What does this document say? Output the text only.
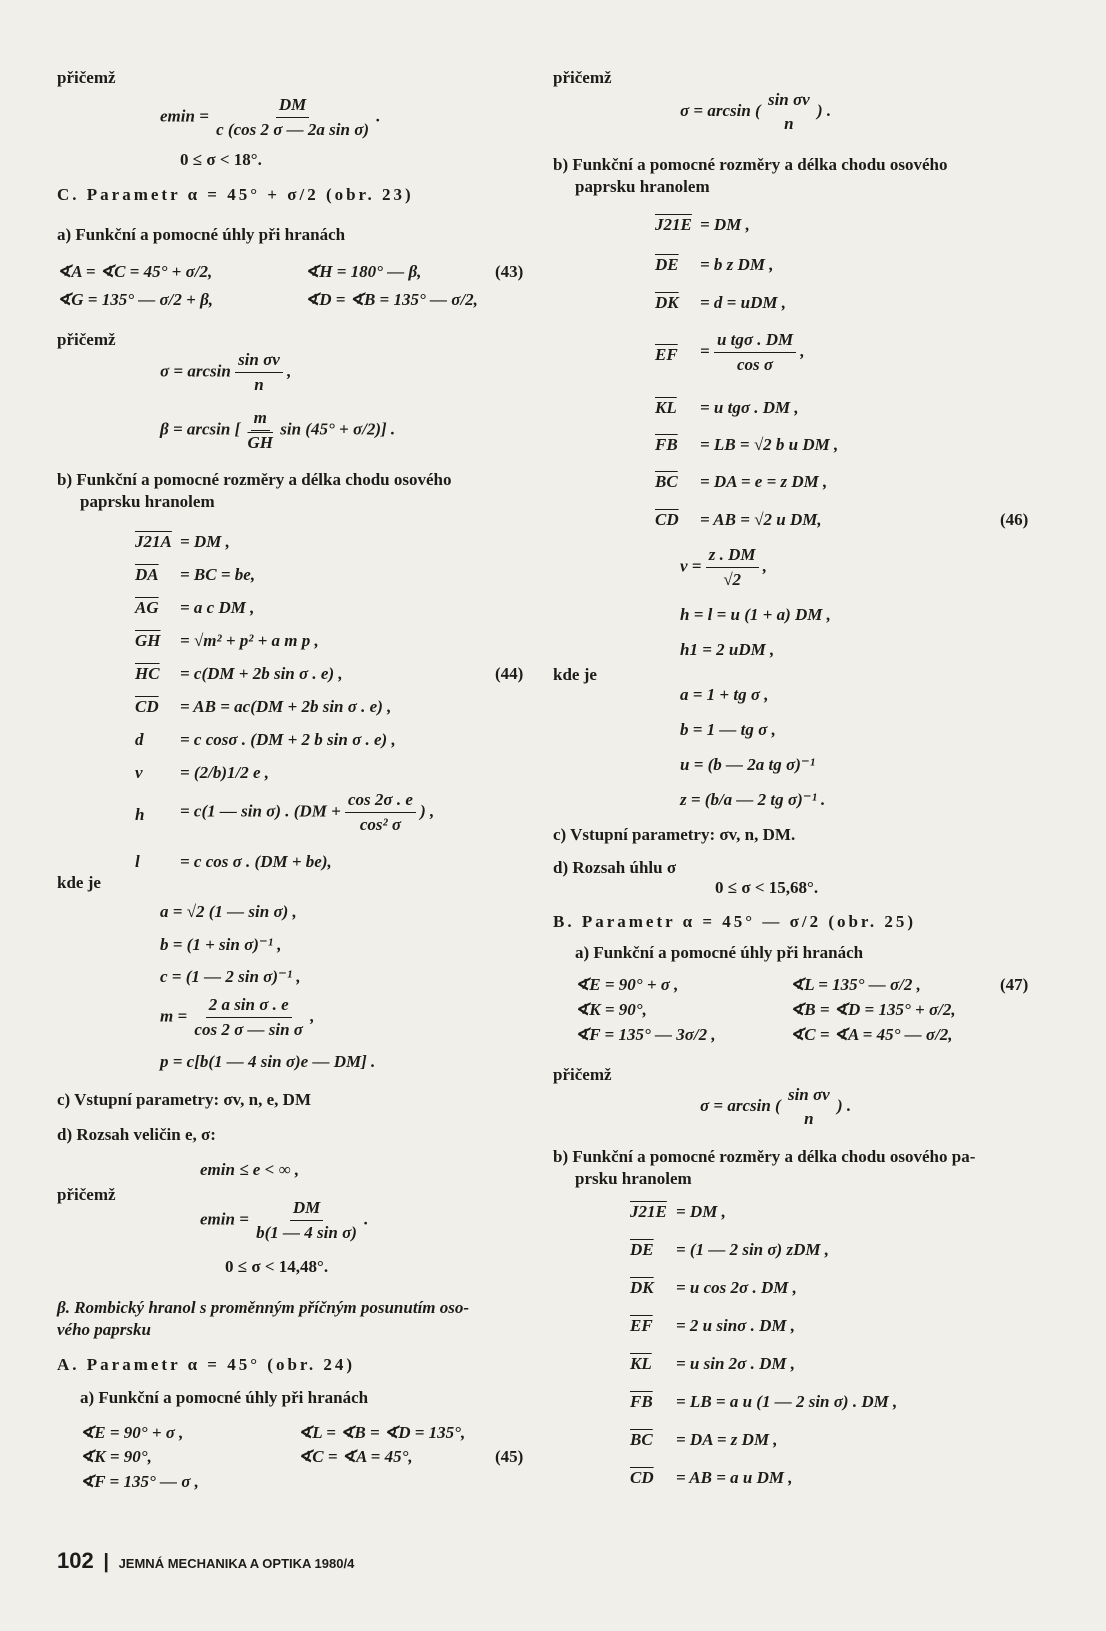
přičemž
$emin = \frac{DM}{\text{c (cos 2 σ — 2a sin σ)}}$ .
0 ≤ σ < 18°.
C. Parametr α = 45° + σ/2 (obr. 23)
a) Funkční a pomocné úhly při hranách
∢A = ∢C = 45° + σ/2,	∢H = 180° — β,	(43)
∢G = 135° — σ/2 + β,	∢D = ∢B = 135° — σ/2,
přičemž
$\sigma = \arcsin \frac{\text{sin σv}}{n}$ ,
β = arcsin [ $\frac{m}{GH}$ sin (45° + σ/2)] .
b) Funkční a pomocné rozměry a délka chodu osového
paprsku hranolem
J21A = DM ,
$\overline{DA}$ = BC = be,
$\overline{AG} = a$ c DM ,
$\overline{GH} = √m^2 + p^2 + a$ m p ,
$\overline{HC} = c(DM + 2b$ sin σ . e) ,	(44)
$\overline{CD}$ = AB = ac(DM + 2b sin σ . e) ,
d = c cosσ . (DM + 2 b sin σ . e) ,
v = (2/b)1/2 e ,
h = c(1 — sin σ) . ($DM + \frac{\cos 2\sigma . e}{\text{cos² σ}}$ ) ,
l = c cos σ . (DM + be),
kde je
a = √2 (1 — sin σ) ,
b = (1 + sin σ)⁻¹ ,
c = (1 — 2 sin σ)⁻¹ ,
$m = \frac{\text{2 a sin σ . e}}{\text{cos 2 σ — sin σ}}$ ,
p = c[b(1 — 4 sin σ)e — DM] .
c) Vstupní parametry: σv, n, e, DM
d) Rozsah veličin e, σ:
emin ≤ e < ∞ ,
přičemž
$emin = \frac{DM}{\text{b(1 — 4 sin σ)}}$ .
0 ≤ σ < 14,48°.
β. Rombický hranol s proměnným příčným posunutím oso-
vého paprsku
A. Parametr α = 45° (obr. 24)
a) Funkční a pomocné úhly při hranách
∢E = 90° + σ ,	∢L = ∢B = ∢D = 135°,
∢K = 90°,	∢C = ∢A = 45°,	(45)
∢F = 135° — σ ,
102 | JEMNÁ MECHANIKA A OPTIKA 1980/4
přičemž
σ = arcsin (
sin σv
n
) .
b) Funkční a pomocné rozměry a délka chodu osového
paprsku hranolem
J21E = DM ,
$\overline{DE} = b$ z DM ,
$\overline{DK} = d$ = uDM ,
$\overline{EF} = \frac{\text{u tgσ . DM}}{\text{cos σ}}$ ,
$\overline{KL} = u$ tgσ . DM ,
$\overline{FB}$ = LB = √2 b u DM ,
$\overline{BC}$ = DA = e = z DM ,
$\overline{CD}$ = AB = √2 u DM,	(46)
$v = \frac{z . DM}{√2}$ ,
h = l = u (1 + a) DM ,
h1 = 2 uDM ,
kde je
a = 1 + tg σ ,
b = 1 — tg σ ,
u = (b — 2a tg σ)⁻¹
z = (b/a — 2 tg σ)⁻¹ .
c) Vstupní parametry: σv, n, DM.
d) Rozsah úhlu σ
0 ≤ σ < 15,68°.
B. Parametr α = 45° — σ/2 (obr. 25)
a) Funkční a pomocné úhly při hranách
∢E = 90° + σ ,	∢L = 135° — σ/2 ,	(47)
∢K = 90°,	∢B = ∢D = 135° + σ/2,
∢F = 135° — 3σ/2 ,	∢C = ∢A = 45° — σ/2,
přičemž
σ = arcsin (
sin σv
n
) .
b) Funkční a pomocné rozměry a délka chodu osového pa-
prsku hranolem
J21E = DM ,
$\overline{DE} = (1$ — 2 sin σ) zDM ,
$\overline{DK} = u$ cos 2σ . DM ,
$\overline{EF} = 2$ u sinσ . DM ,
$\overline{KL} = u$ sin 2σ . DM ,
$\overline{FB}$ = LB = a u (1 — 2 sin σ) . DM ,
$\overline{BC}$ = DA = z DM ,
$\overline{CD}$ = AB = a u DM ,
